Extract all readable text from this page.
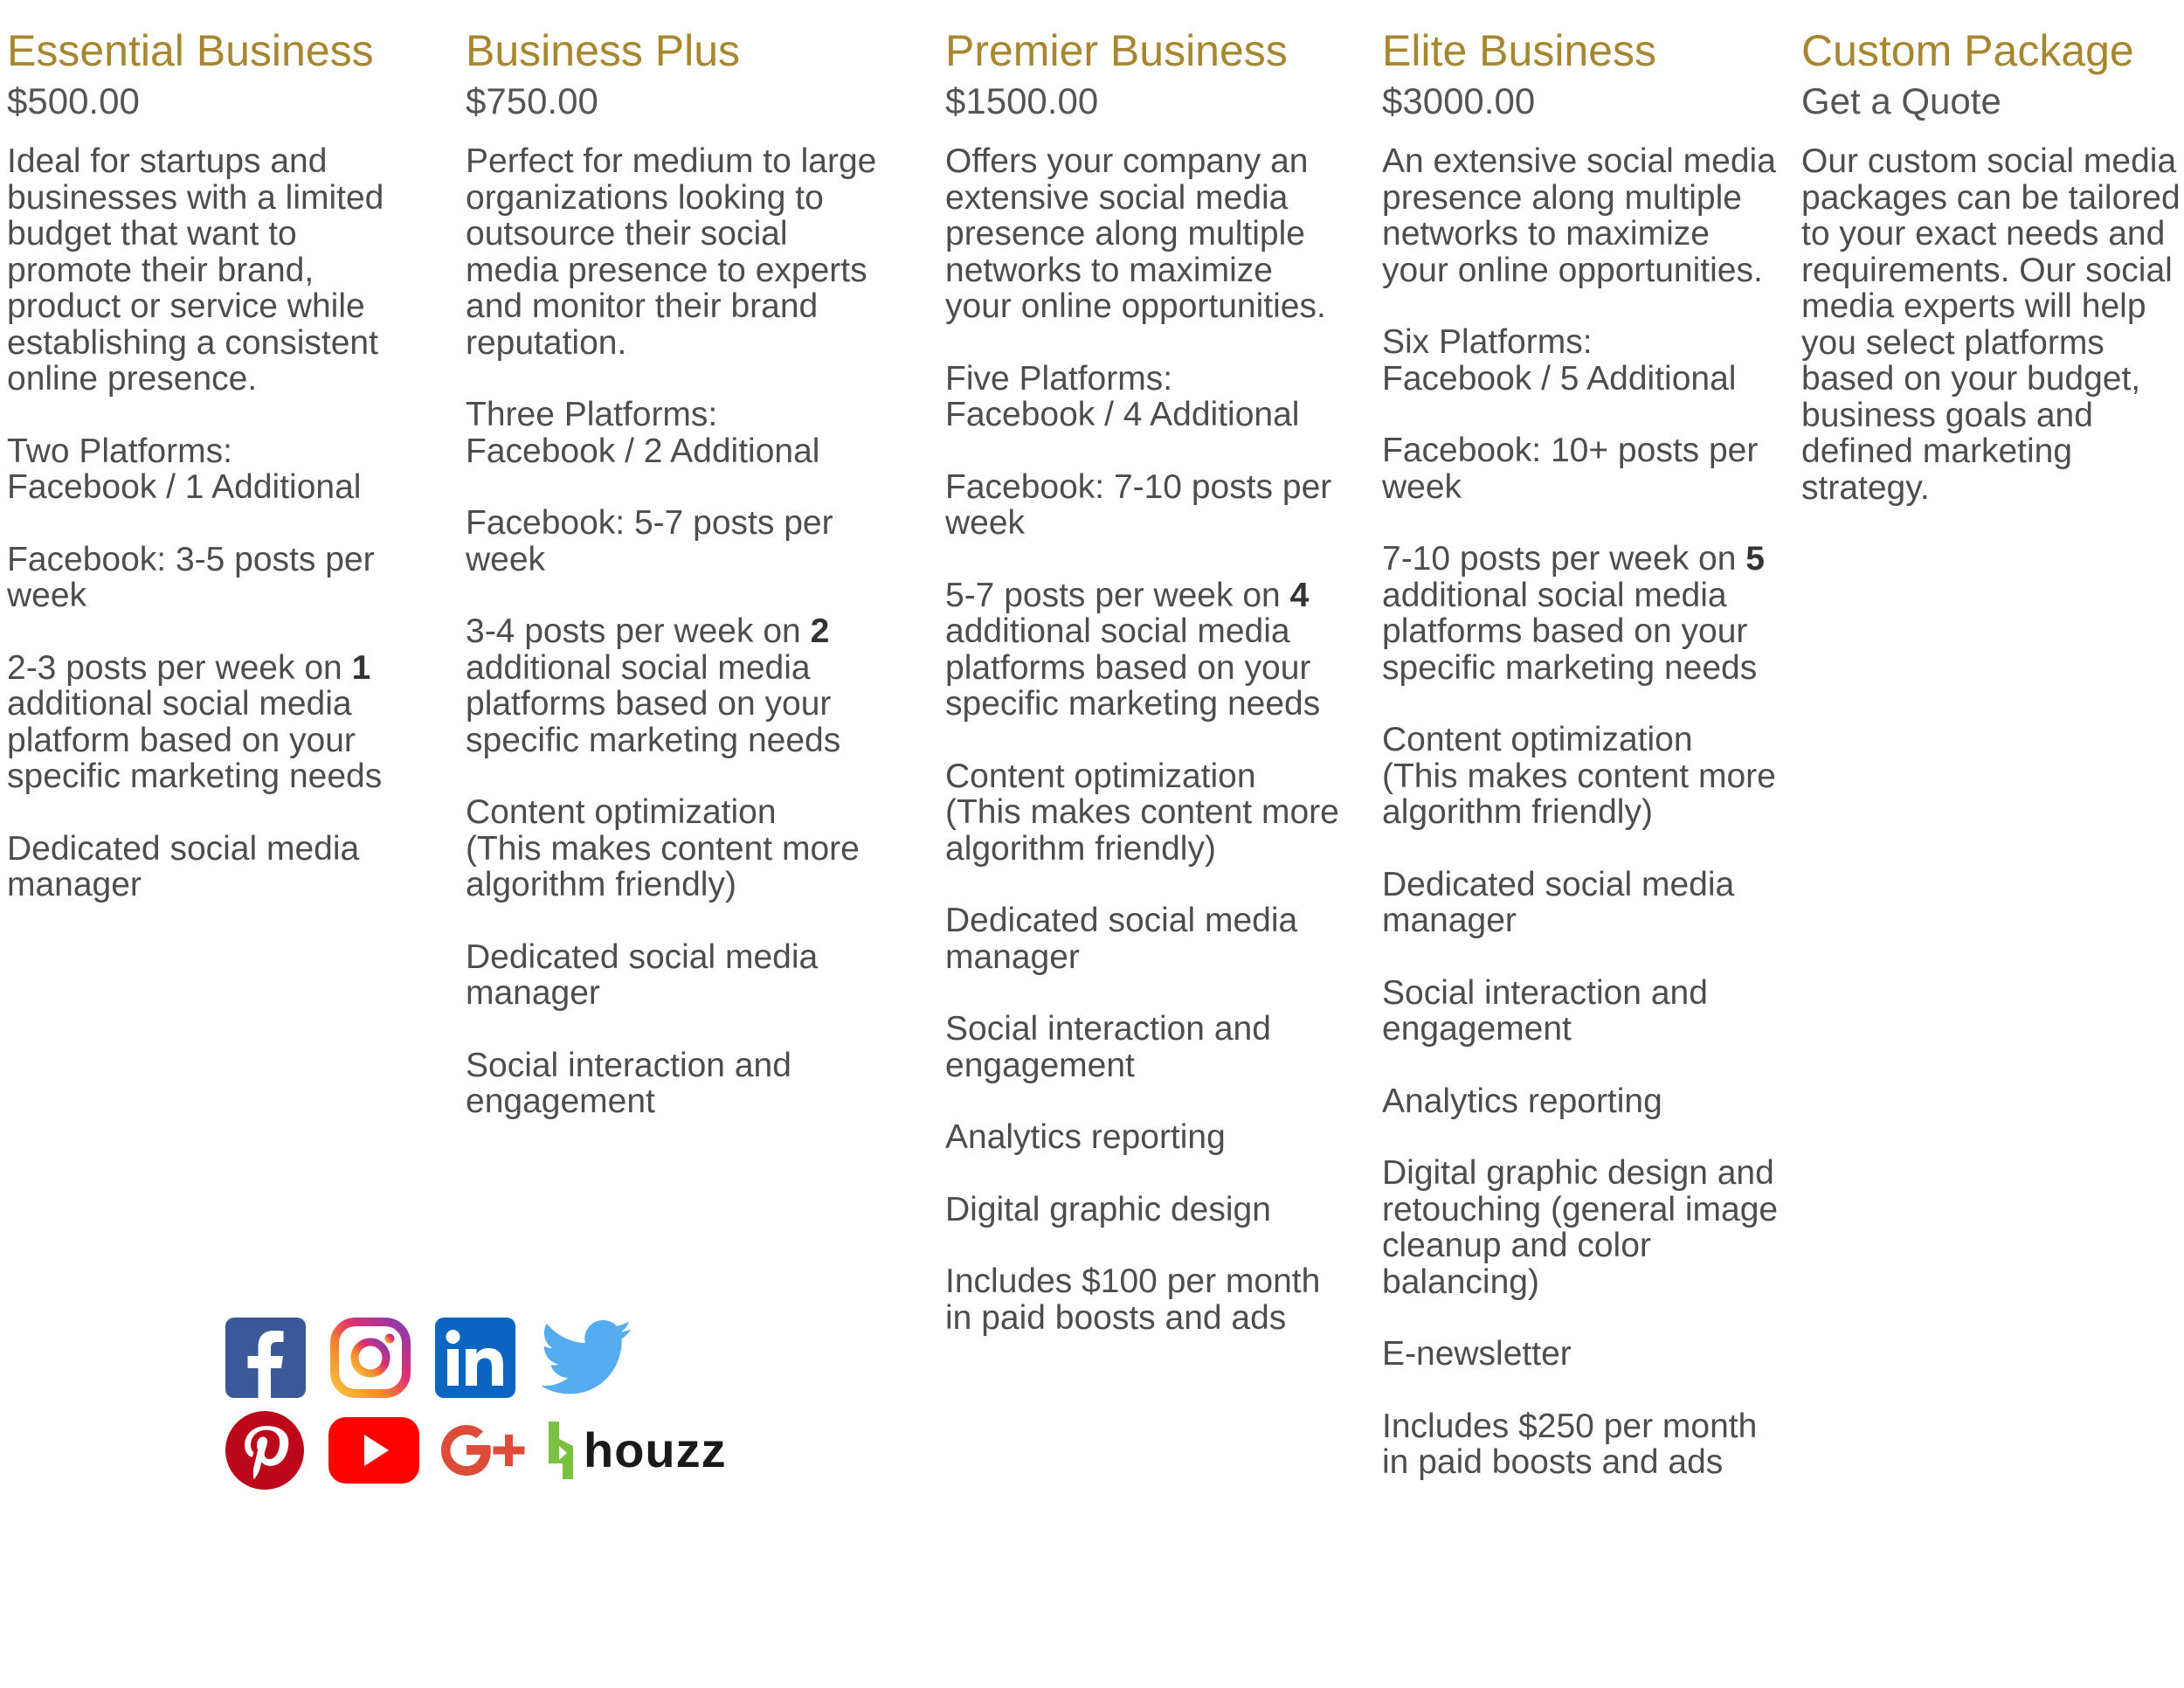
Essential Business
$500.00
Ideal for startups and
businesses with a limited
budget that want to
promote their brand,
product or service while
establishing a consistent
online presence.
Two Platforms:
Facebook / 1 Additional
Facebook: 3-5 posts per
week
2-3 posts per week on 1
additional social media
platform based on your
specific marketing needs
Dedicated social media
manager
Business Plus
$750.00
Perfect for medium to large
organizations looking to
outsource their social
media presence to experts
and monitor their brand
reputation.
Three Platforms:
Facebook / 2 Additional
Facebook: 5-7 posts per
week
3-4 posts per week on 2
additional social media
platforms based on your
specific marketing needs
Content optimization
(This makes content more
algorithm friendly)
Dedicated social media
manager
Social interaction and
engagement
Premier Business
$1500.00
Offers your company an
extensive social media
presence along multiple
networks to maximize
your online opportunities.
Five Platforms:
Facebook / 4 Additional
Facebook: 7-10 posts per
week
5-7 posts per week on 4
additional social media
platforms based on your
specific marketing needs
Content optimization
(This makes content more
algorithm friendly)
Dedicated social media
manager
Social interaction and
engagement
Analytics reporting
Digital graphic design
Includes $100 per month
in paid boosts and ads
Elite Business
$3000.00
An extensive social media
presence along multiple
networks to maximize
your online opportunities.
Six Platforms:
Facebook / 5 Additional
Facebook: 10+ posts per
week
7-10 posts per week on 5
additional social media
platforms based on your
specific marketing needs
Content optimization
(This makes content more
algorithm friendly)
Dedicated social media
manager
Social interaction and
engagement
Analytics reporting
Digital graphic design and
retouching (general image
cleanup and color
balancing)
E-newsletter
Includes $250 per month
in paid boosts and ads
Custom Package
Get a Quote
Our custom social media
packages can be tailored
to your exact needs and
requirements. Our social
media experts will help
you select platforms
based on your budget,
business goals and
defined marketing
strategy.
houzz
